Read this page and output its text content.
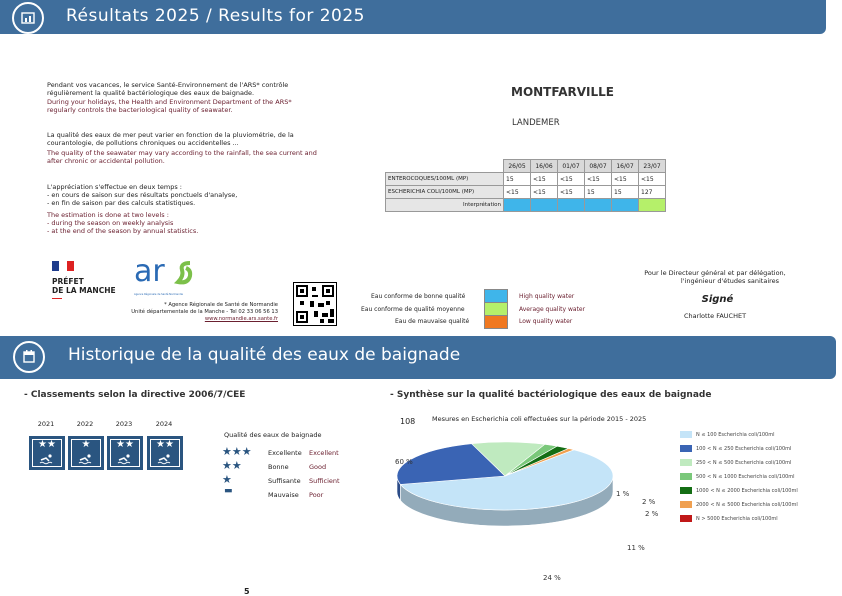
Résultats 2025 / Results for 2025
Pendant vos vacances, le service Santé-Environnement de l'ARS* contrôle
régulièrement la qualité bactériologique des eaux de baignade.
During your holidays, the Health and Environment Department of the ARS*
regularly controls the bacteriological quality of seawater.
La qualité des eaux de mer peut varier en fonction de la pluviométrie, de la
courantologie, de pollutions chroniques ou accidentelles ...
The quality of the seawater may vary according to the rainfall, the sea current and
after chronic or accidental pollution.
L'appréciation s'effectue en deux temps :
- en cours de saison sur des résultats ponctuels d'analyse,
- en fin de saison par des calculs statistiques.
The estimation is done at two levels :
- during the season on weekly analysis
- at the end of the season by annual statistics.
PRÉFET
DE LA MANCHE
ar
Agence Régionale de Santé Normandie
* Agence Régionale de Santé de Normandie
Unité départementale de la Manche - Tel 02 33 06 56 13
www.normandie.ars.sante.fr
MONTFARVILLE
LANDEMER
	26/05	16/06	01/07	08/07	16/07	23/07
ENTEROCOQUES/100ML (MP)	15	<15	<15	<15	<15	<15
ESCHERICHIA COLI/100ML (MP)	<15	<15	<15	15	15	127
Interprétation						
Eau conforme de bonne qualité
Eau conforme de qualité moyenne
Eau de mauvaise qualité
High quality water
Average quality water
Low quality water
Pour le Directeur général et par délégation,
l'ingénieur d'études sanitaires
Signé
Charlotte FAUCHET
Historique de la qualité des eaux de baignade
- Classements selon la directive 2006/7/CEE
2021	2022	2023	2024
★★	★	★★	★★
Qualité des eaux de baignade
★★★
★★
★
▬
Excellente
Bonne
Suffisante
Mauvaise
Excellent
Good
Sufficient
Poor
- Synthèse sur la qualité bactériologique des eaux de baignade
108	Mesures en Escherichia coli effectuées sur la période 2015 - 2025
60 %
24 %
11 %
2 %
2 %
1 %
N ≤ 100 Escherichia coli/100ml
100 < N ≤ 250 Escherichia coli/100ml
250 < N ≤ 500 Escherichia coli/100ml
500 < N ≤ 1000 Escherichia coli/100ml
1000 < N ≤ 2000 Escherichia coli/100ml
2000 < N ≤ 5000 Escherichia coli/100ml
N > 5000 Escherichia coli/100ml
5
